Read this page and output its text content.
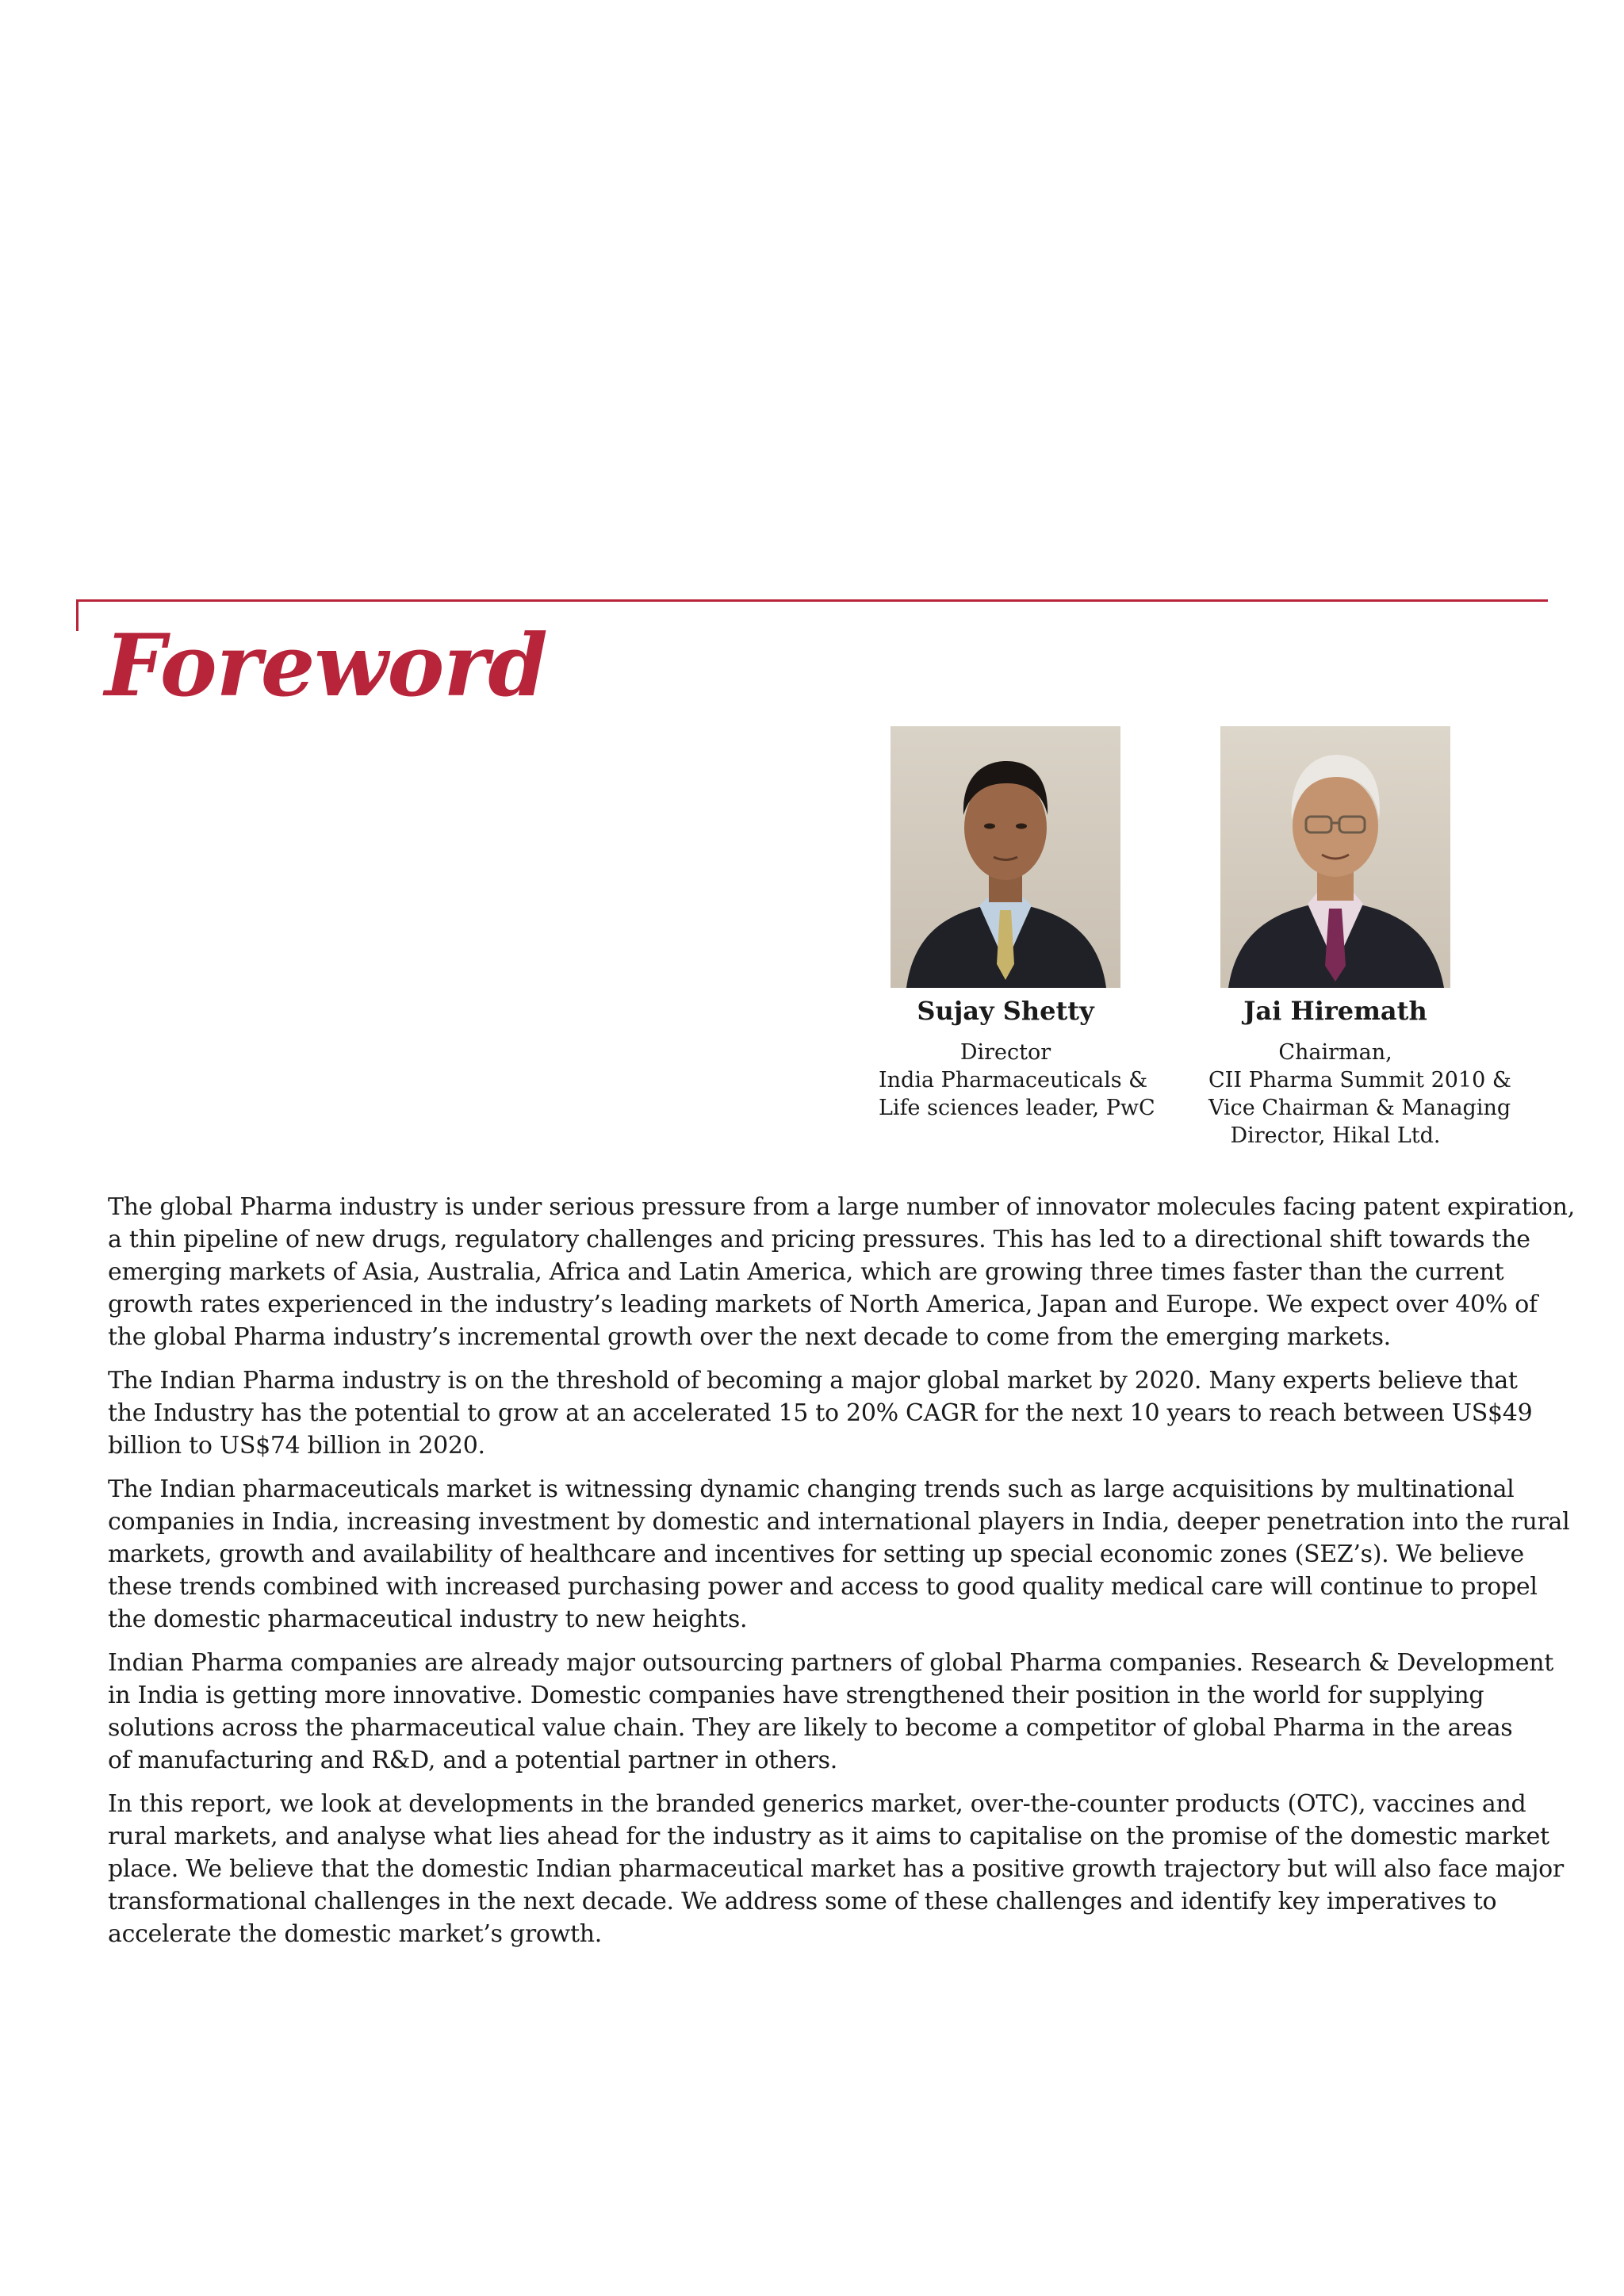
Foreword
Sujay Shetty
Director
India Pharmaceuticals &
Life sciences leader, PwC
Jai Hiremath
Chairman,
CII Pharma Summit 2010 &
Vice Chairman & Managing
Director, Hikal Ltd.

The global Pharma industry is under serious pressure from a large number of innovator molecules facing patent expiration,
a thin pipeline of new drugs, regulatory challenges and pricing pressures. This has led to a directional shift towards the
emerging markets of Asia, Australia, Africa and Latin America, which are growing three times faster than the current
growth rates experienced in the industry’s leading markets of North America, Japan and Europe. We expect over 40% of
the global Pharma industry’s incremental growth over the next decade to come from the emerging markets.

The Indian Pharma industry is on the threshold of becoming a major global market by 2020. Many experts believe that
the Industry has the potential to grow at an accelerated 15 to 20% CAGR for the next 10 years to reach between US$49
billion to US$74 billion in 2020.

The Indian pharmaceuticals market is witnessing dynamic changing trends such as large acquisitions by multinational
companies in India, increasing investment by domestic and international players in India, deeper penetration into the rural
markets, growth and availability of healthcare and incentives for setting up special economic zones (SEZ’s). We believe
these trends combined with increased purchasing power and access to good quality medical care will continue to propel
the domestic pharmaceutical industry to new heights.

Indian Pharma companies are already major outsourcing partners of global Pharma companies. Research & Development
in India is getting more innovative. Domestic companies have strengthened their position in the world for supplying
solutions across the pharmaceutical value chain. They are likely to become a competitor of global Pharma in the areas
of manufacturing and R&D, and a potential partner in others.

In this report, we look at developments in the branded generics market, over-the-counter products (OTC), vaccines and
rural markets, and analyse what lies ahead for the industry as it aims to capitalise on the promise of the domestic market
place. We believe that the domestic Indian pharmaceutical market has a positive growth trajectory but will also face major
transformational challenges in the next decade. We address some of these challenges and identify key imperatives to
accelerate the domestic market’s growth.
